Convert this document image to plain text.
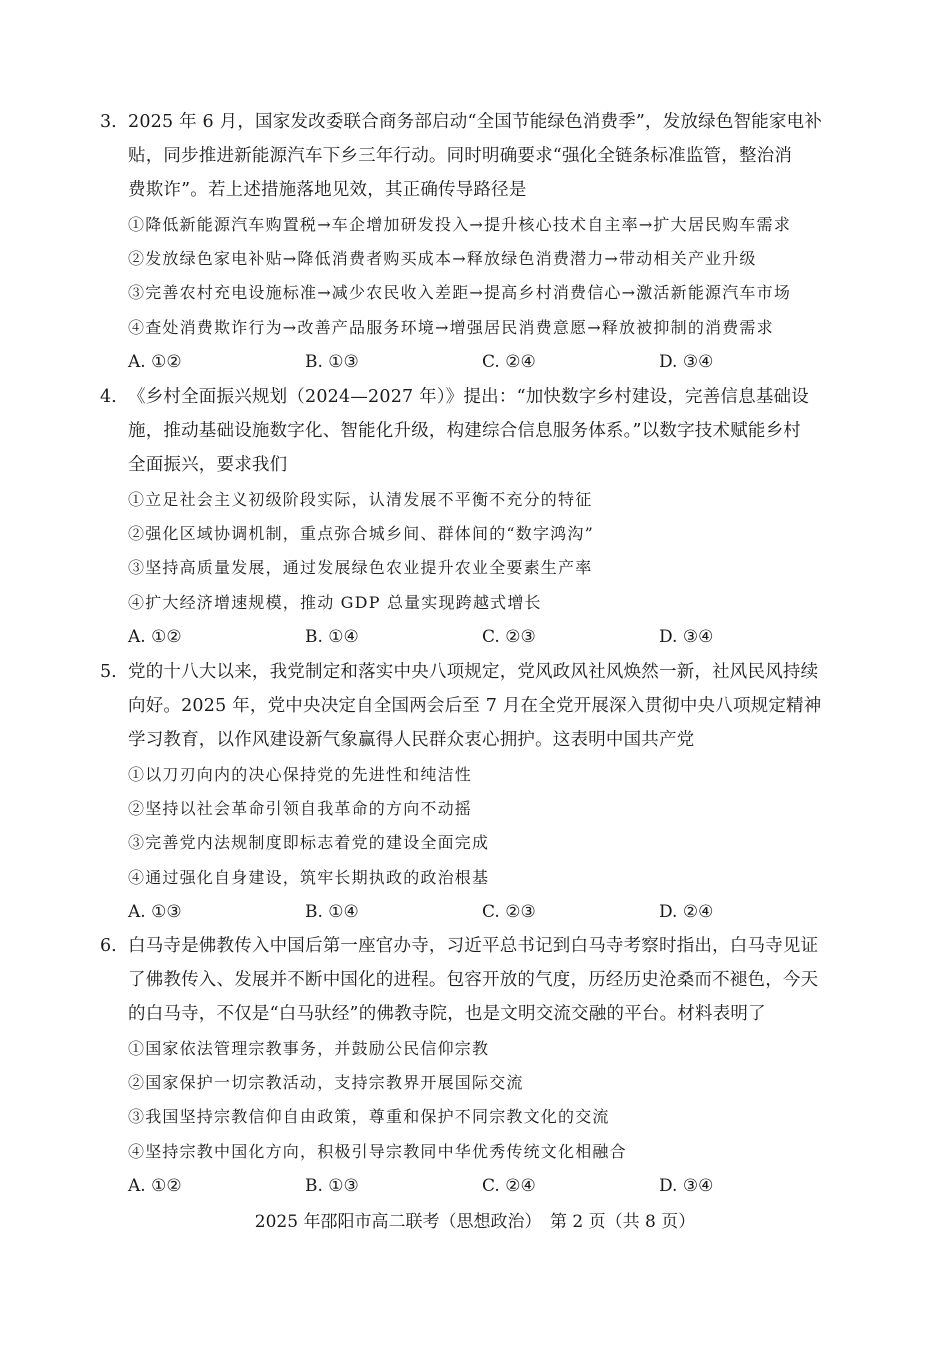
3. 2025 年 6 月，国家发改委联合商务部启动“全国节能绿色消费季”，发放绿色智能家电补
贴，同步推进新能源汽车下乡三年行动。同时明确要求“强化全链条标准监管，整治消
费欺诈”。若上述措施落地见效，其正确传导路径是
①降低新能源汽车购置税→车企增加研发投入→提升核心技术自主率→扩大居民购车需求
②发放绿色家电补贴→降低消费者购买成本→释放绿色消费潜力→带动相关产业升级
③完善农村充电设施标准→减少农民收入差距→提高乡村消费信心→激活新能源汽车市场
④查处消费欺诈行为→改善产品服务环境→增强居民消费意愿→释放被抑制的消费需求
A. ①②	B. ①③	C. ②④	D. ③④
4. 《乡村全面振兴规划（2024—2027 年）》提出：“加快数字乡村建设，完善信息基础设
施，推动基础设施数字化、智能化升级，构建综合信息服务体系。”以数字技术赋能乡村
全面振兴，要求我们
①立足社会主义初级阶段实际，认清发展不平衡不充分的特征
②强化区域协调机制，重点弥合城乡间、群体间的“数字鸿沟”
③坚持高质量发展，通过发展绿色农业提升农业全要素生产率
④扩大经济增速规模，推动 GDP 总量实现跨越式增长
A. ①②	B. ①④	C. ②③	D. ③④
5. 党的十八大以来，我党制定和落实中央八项规定，党风政风社风焕然一新，社风民风持续
向好。2025 年，党中央决定自全国两会后至 7 月在全党开展深入贯彻中央八项规定精神
学习教育，以作风建设新气象赢得人民群众衷心拥护。这表明中国共产党
①以刀刃向内的决心保持党的先进性和纯洁性
②坚持以社会革命引领自我革命的方向不动摇
③完善党内法规制度即标志着党的建设全面完成
④通过强化自身建设，筑牢长期执政的政治根基
A. ①③	B. ①④	C. ②③	D. ②④
6. 白马寺是佛教传入中国后第一座官办寺，习近平总书记到白马寺考察时指出，白马寺见证
了佛教传入、发展并不断中国化的进程。包容开放的气度，历经历史沧桑而不褪色，今天
的白马寺，不仅是“白马驮经”的佛教寺院，也是文明交流交融的平台。材料表明了
①国家依法管理宗教事务，并鼓励公民信仰宗教
②国家保护一切宗教活动，支持宗教界开展国际交流
③我国坚持宗教信仰自由政策，尊重和保护不同宗教文化的交流
④坚持宗教中国化方向，积极引导宗教同中华优秀传统文化相融合
A. ①②	B. ①③	C. ②④	D. ③④
2025 年邵阳市高二联考（思想政治）　第 2 页（共 8 页）
